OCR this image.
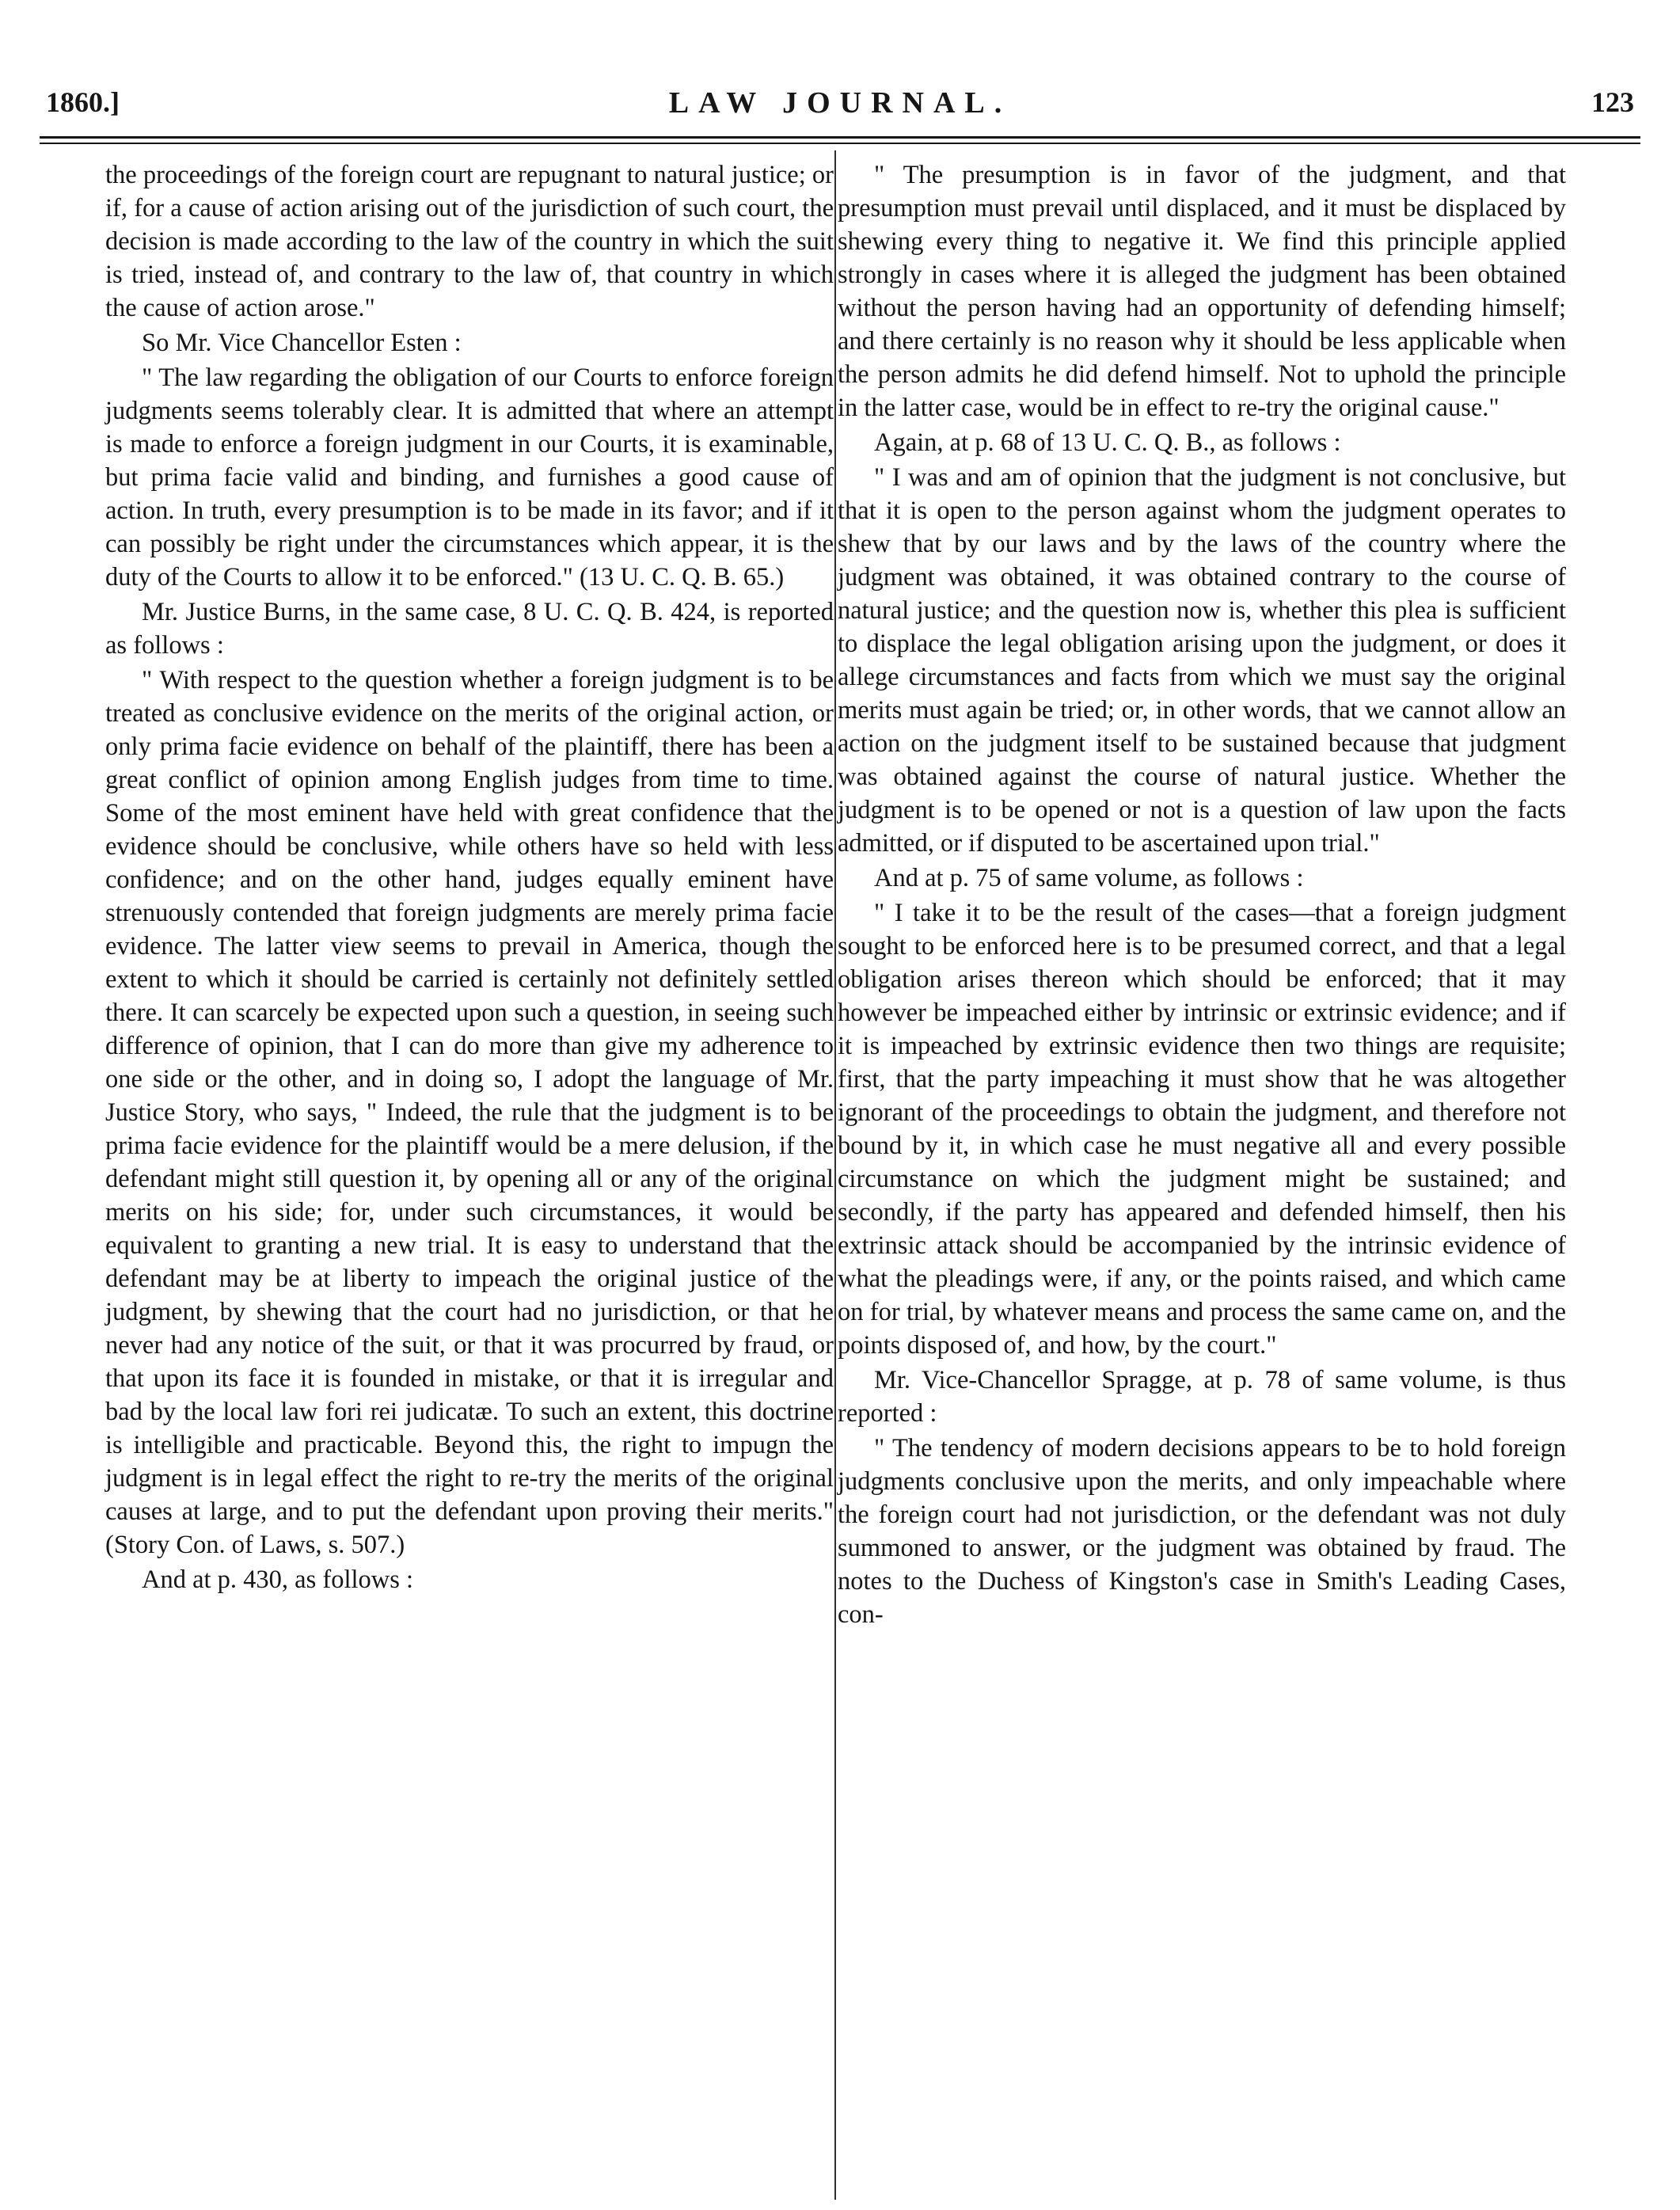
1860.]	LAW JOURNAL.	123

the proceedings of the foreign court are repugnant to natural justice; or if, for a cause of action arising out of the jurisdiction of such court, the decision is made according to the law of the country in which the suit is tried, instead of, and contrary to the law of, that country in which the cause of action arose."

So Mr. Vice Chancellor Esten :

" The law regarding the obligation of our Courts to enforce foreign judgments seems tolerably clear. It is admitted that where an attempt is made to enforce a foreign judgment in our Courts, it is examinable, but prima facie valid and binding, and furnishes a good cause of action. In truth, every presumption is to be made in its favor; and if it can possibly be right under the circumstances which appear, it is the duty of the Courts to allow it to be enforced." (13 U. C. Q. B. 65.)

Mr. Justice Burns, in the same case, 8 U. C. Q. B. 424, is reported as follows :

" With respect to the question whether a foreign judgment is to be treated as conclusive evidence on the merits of the original action, or only prima facie evidence on behalf of the plaintiff, there has been a great conflict of opinion among English judges from time to time. Some of the most eminent have held with great confidence that the evidence should be conclusive, while others have so held with less confidence; and on the other hand, judges equally eminent have strenuously contended that foreign judgments are merely prima facie evidence. The latter view seems to prevail in America, though the extent to which it should be carried is certainly not definitely settled there. It can scarcely be expected upon such a question, in seeing such difference of opinion, that I can do more than give my adherence to one side or the other, and in doing so, I adopt the language of Mr. Justice Story, who says, " Indeed, the rule that the judgment is to be prima facie evidence for the plaintiff would be a mere delusion, if the defendant might still question it, by opening all or any of the original merits on his side; for, under such circumstances, it would be equivalent to granting a new trial. It is easy to understand that the defendant may be at liberty to impeach the original justice of the judgment, by shewing that the court had no jurisdiction, or that he never had any notice of the suit, or that it was procurred by fraud, or that upon its face it is founded in mistake, or that it is irregular and bad by the local law fori rei judicatæ. To such an extent, this doctrine is intelligible and practicable. Beyond this, the right to impugn the judgment is in legal effect the right to re-try the merits of the original causes at large, and to put the defendant upon proving their merits." (Story Con. of Laws, s. 507.)

And at p. 430, as follows :

" The presumption is in favor of the judgment, and that presumption must prevail until displaced, and it must be displaced by shewing every thing to negative it. We find this principle applied strongly in cases where it is alleged the judgment has been obtained without the person having had an opportunity of defending himself; and there certainly is no reason why it should be less applicable when the person admits he did defend himself. Not to uphold the principle in the latter case, would be in effect to re-try the original cause."

Again, at p. 68 of 13 U. C. Q. B., as follows :

" I was and am of opinion that the judgment is not conclusive, but that it is open to the person against whom the judgment operates to shew that by our laws and by the laws of the country where the judgment was obtained, it was obtained contrary to the course of natural justice; and the question now is, whether this plea is sufficient to displace the legal obligation arising upon the judgment, or does it allege circumstances and facts from which we must say the original merits must again be tried; or, in other words, that we cannot allow an action on the judgment itself to be sustained because that judgment was obtained against the course of natural justice. Whether the judgment is to be opened or not is a question of law upon the facts admitted, or if disputed to be ascertained upon trial."

And at p. 75 of same volume, as follows :

" I take it to be the result of the cases—that a foreign judgment sought to be enforced here is to be presumed correct, and that a legal obligation arises thereon which should be enforced; that it may however be impeached either by intrinsic or extrinsic evidence; and if it is impeached by extrinsic evidence then two things are requisite; first, that the party impeaching it must show that he was altogether ignorant of the proceedings to obtain the judgment, and therefore not bound by it, in which case he must negative all and every possible circumstance on which the judgment might be sustained; and secondly, if the party has appeared and defended himself, then his extrinsic attack should be accompanied by the intrinsic evidence of what the pleadings were, if any, or the points raised, and which came on for trial, by whatever means and process the same came on, and the points disposed of, and how, by the court."

Mr. Vice-Chancellor Spragge, at p. 78 of same volume, is thus reported :

" The tendency of modern decisions appears to be to hold foreign judgments conclusive upon the merits, and only impeachable where the foreign court had not jurisdiction, or the defendant was not duly summoned to answer, or the judgment was obtained by fraud. The notes to the Duchess of Kingston's case in Smith's Leading Cases, con-
